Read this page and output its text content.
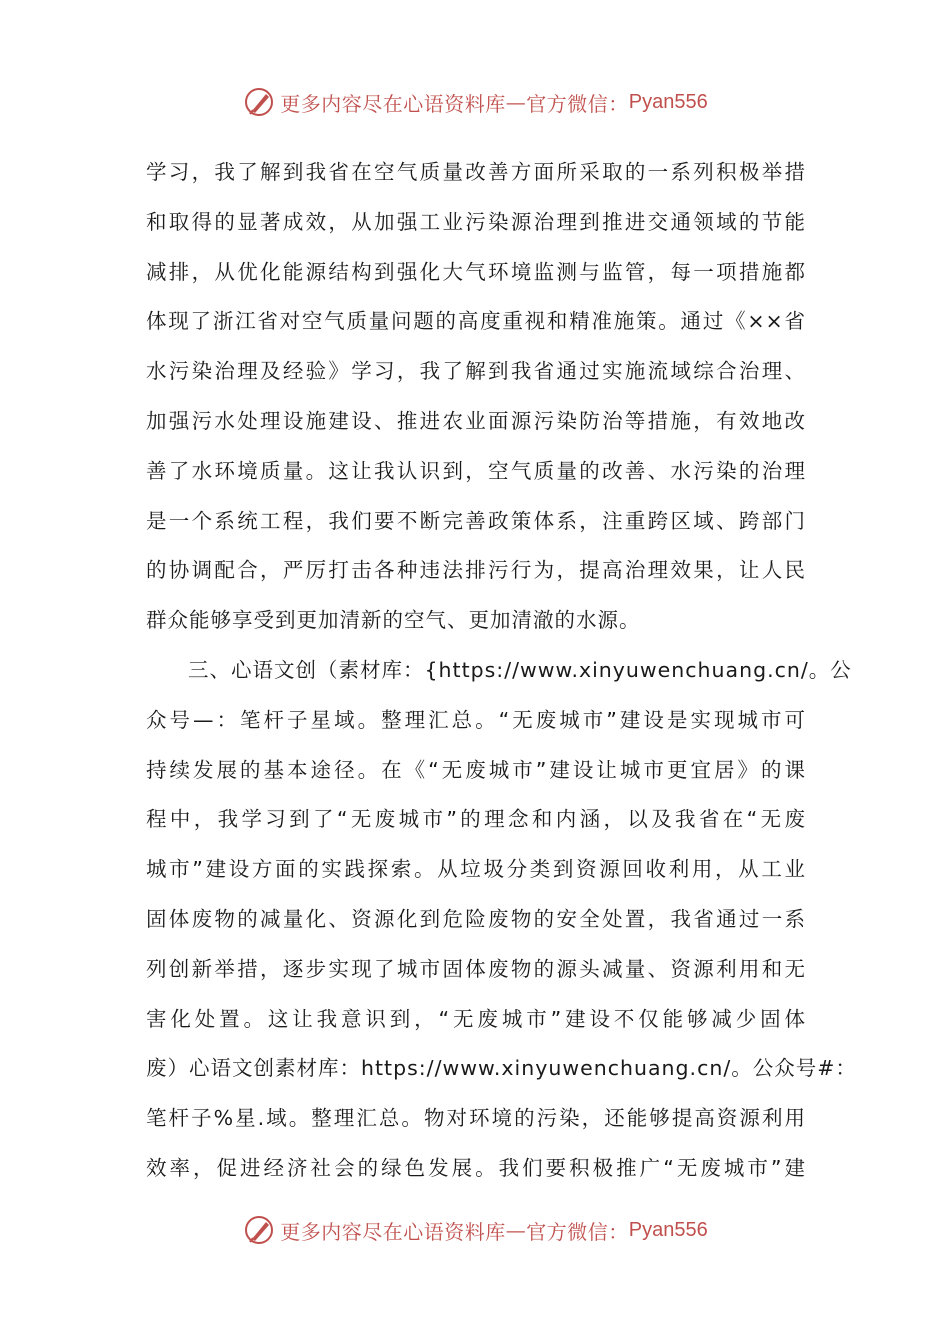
更多内容尽在心语资料库 — 官方微信： Pyan556
学习，我了解到我省在空气质量改善方面所采取的一系列积极举措
和取得的显著成效，从加强工业污染源治理到推进交通领域的节能
减排，从优化能源结构到强化大气环境监测与监管，每一项措施都
体现了浙江省对空气质量问题的高度重视和精准施策。通过《××省
水污染治理及经验》学习，我了解到我省通过实施流域综合治理、
加强污水处理设施建设、推进农业面源污染防治等措施，有效地改
善了水环境质量。这让我认识到，空气质量的改善、水污染的治理
是一个系统工程，我们要不断完善政策体系，注重跨区域、跨部门
的协调配合，严厉打击各种违法排污行为，提高治理效果，让人民
群众能够享受到更加清新的空气、更加清澈的水源。
三、心语文创（素材库：{https://www.xinyuwenchuang.cn/。公
众号—：笔杆子星域。整理汇总。“无废城市”建设是实现城市可
持续发展的基本途径。在《“无废城市”建设让城市更宜居》的课
程中，我学习到了“无废城市”的理念和内涵，以及我省在“无废
城市”建设方面的实践探索。从垃圾分类到资源回收利用，从工业
固体废物的减量化、资源化到危险废物的安全处置，我省通过一系
列创新举措，逐步实现了城市固体废物的源头减量、资源利用和无
害化处置。这让我意识到，“无废城市”建设不仅能够减少固体
废）心语文创素材库：https://www.xinyuwenchuang.cn/。公众号#：
笔杆子%星.域。整理汇总。物对环境的污染，还能够提高资源利用
效率，促进经济社会的绿色发展。我们要积极推广“无废城市”建
更多内容尽在心语资料库 — 官方微信： Pyan556
